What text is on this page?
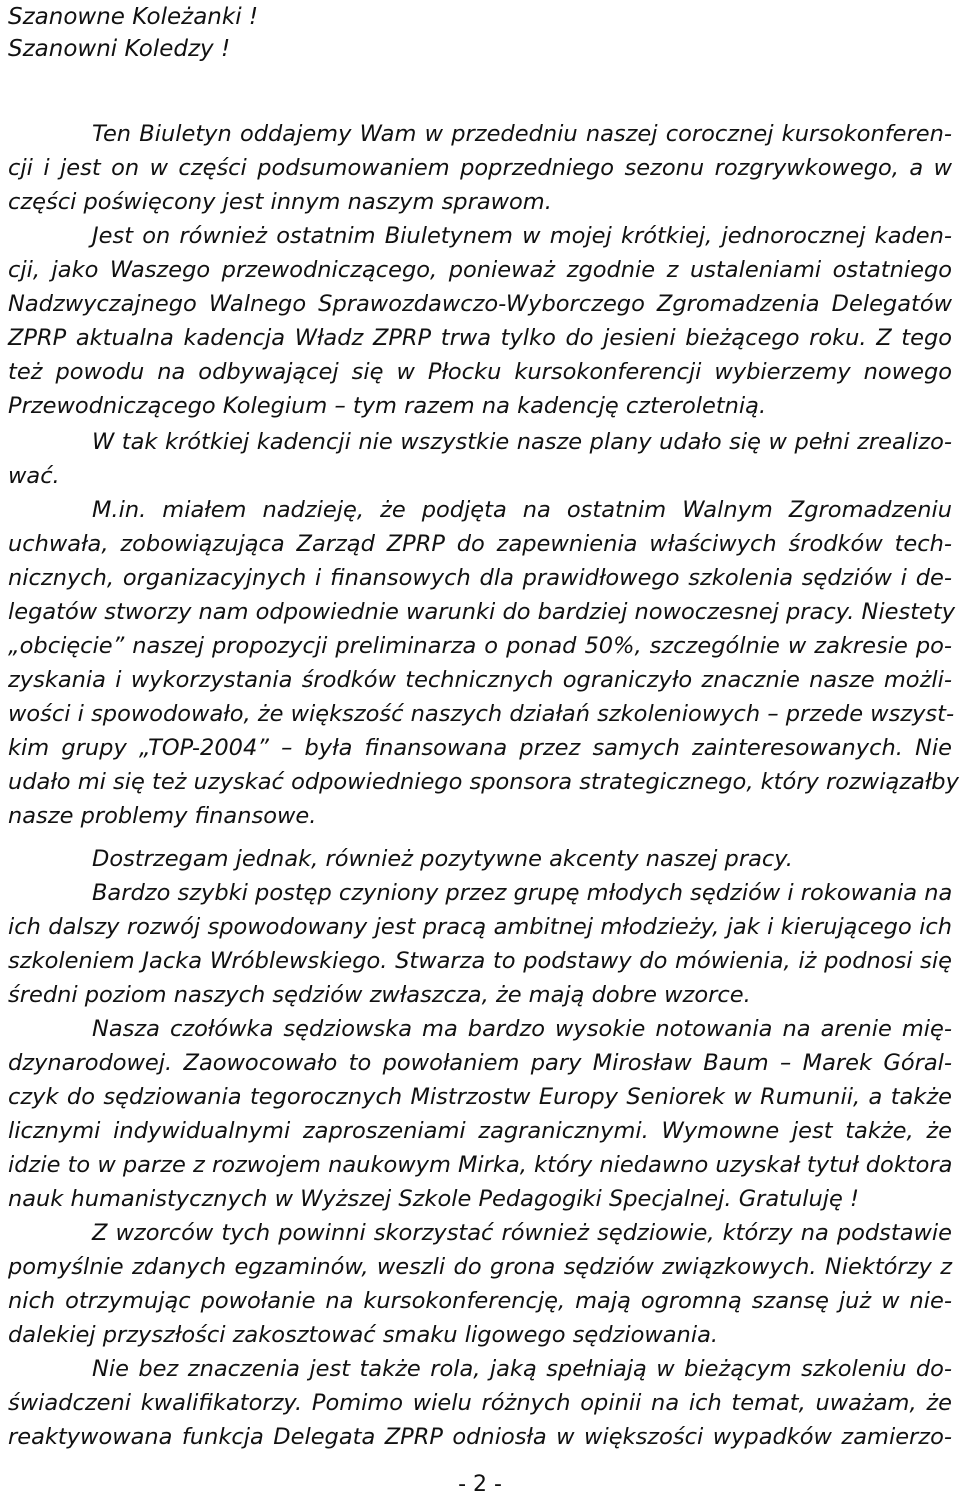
Szanowne Koleżanki !
Szanowni Koledzy !
Ten Biuletyn oddajemy Wam w przededniu naszej corocznej kursokonferen-
cji i jest on w części podsumowaniem poprzedniego sezonu rozgrywkowego, a w
części poświęcony jest innym naszym sprawom.
Jest on również ostatnim Biuletynem w mojej krótkiej, jednorocznej kaden-
cji, jako Waszego przewodniczącego, ponieważ zgodnie z ustaleniami ostatniego
Nadzwyczajnego Walnego Sprawozdawczo-Wyborczego Zgromadzenia Delegatów
ZPRP aktualna kadencja Władz ZPRP trwa tylko do jesieni bieżącego roku. Z tego
też powodu na odbywającej się w Płocku kursokonferencji wybierzemy nowego
Przewodniczącego Kolegium – tym razem na kadencję czteroletnią.
W tak krótkiej kadencji nie wszystkie nasze plany udało się w pełni zrealizo-
wać.
M.in. miałem nadzieję, że podjęta na ostatnim Walnym Zgromadzeniu
uchwała, zobowiązująca Zarząd ZPRP do zapewnienia właściwych środków tech-
nicznych, organizacyjnych i finansowych dla prawidłowego szkolenia sędziów i de-
legatów stworzy nam odpowiednie warunki do bardziej nowoczesnej pracy. Niestety
„obcięcie” naszej propozycji preliminarza o ponad 50%, szczególnie w zakresie po-
zyskania i wykorzystania środków technicznych ograniczyło znacznie nasze możli-
wości i spowodowało, że większość naszych działań szkoleniowych – przede wszyst-
kim grupy „TOP-2004” – była finansowana przez samych zainteresowanych. Nie
udało mi się też uzyskać odpowiedniego sponsora strategicznego, który rozwiązałby
nasze problemy finansowe.
Dostrzegam jednak, również pozytywne akcenty naszej pracy.
Bardzo szybki postęp czyniony przez grupę młodych sędziów i rokowania na
ich dalszy rozwój spowodowany jest pracą ambitnej młodzieży, jak i kierującego ich
szkoleniem Jacka Wróblewskiego. Stwarza to podstawy do mówienia, iż podnosi się
średni poziom naszych sędziów zwłaszcza, że mają dobre wzorce.
Nasza czołówka sędziowska ma bardzo wysokie notowania na arenie mię-
dzynarodowej. Zaowocowało to powołaniem pary Mirosław Baum – Marek Góral-
czyk do sędziowania tegorocznych Mistrzostw Europy Seniorek w Rumunii, a także
licznymi indywidualnymi zaproszeniami zagranicznymi. Wymowne jest także, że
idzie to w parze z rozwojem naukowym Mirka, który niedawno uzyskał tytuł doktora
nauk humanistycznych w Wyższej Szkole Pedagogiki Specjalnej. Gratuluję !
Z wzorców tych powinni skorzystać również sędziowie, którzy na podstawie
pomyślnie zdanych egzaminów, weszli do grona sędziów związkowych. Niektórzy z
nich otrzymując powołanie na kursokonferencję, mają ogromną szansę już w nie-
dalekiej przyszłości zakosztować smaku ligowego sędziowania.
Nie bez znaczenia jest także rola, jaką spełniają w bieżącym szkoleniu do-
świadczeni kwalifikatorzy. Pomimo wielu różnych opinii na ich temat, uważam, że
reaktywowana funkcja Delegata ZPRP odniosła w większości wypadków zamierzo-
- 2 -
